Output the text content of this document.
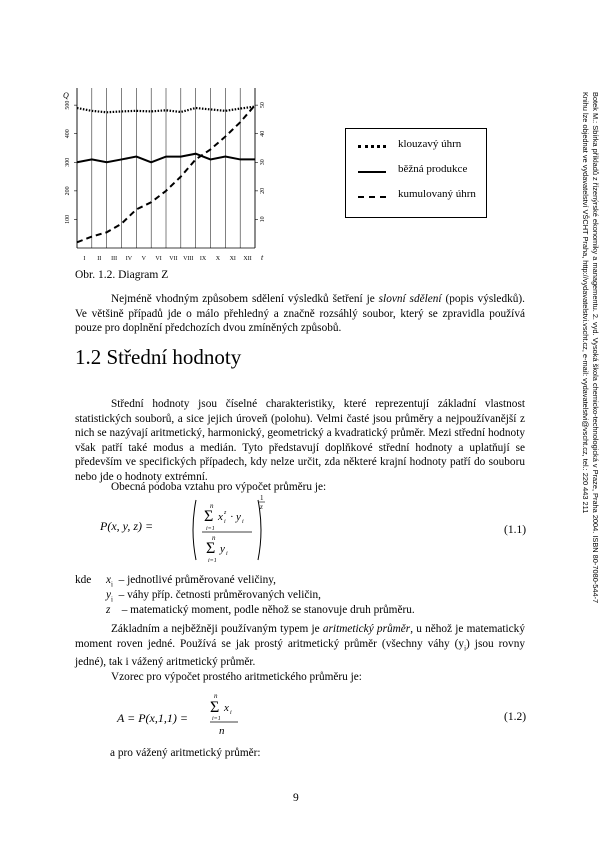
I II III IV V VI VII VIII IX X XI XII t
Q
100
200
300
400
500
10
20
30
40
50
klouzavý úhrn
běžná produkce
kumulovaný úhrn
Obr. 1.2. Diagram Z
Nejméně vhodným způsobem sdělení výsledků šetření je slovní sdělení (popis výsledků). Ve většině případů jde o málo přehledný a značně rozsáhlý soubor, který se zpravidla používá pouze pro doplnění předchozích dvou zmíněných způsobů.
1.2 Střední hodnoty
Střední hodnoty jsou číselné charakteristiky, které reprezentují základní vlastnost statistických souborů, a sice jejich úroveň (polohu). Velmi časté jsou průměry a nejpoužívanější z nich se nazývají aritmetický, harmonický, geometrický a kvadratický průměr. Mezi střední hodnoty však patří také modus a medián. Tyto představují doplňkové střední hodnoty a uplatňují se především ve specifických případech, kdy nelze určit, zda některé krajní hodnoty patří do souboru nebo jde o hodnoty extrémní.
Obecná podoba vztahu pro výpočet průměru je:
P(x, y, z) =
n
Σ x z
i · y i
i=1
n
Σ y i
i=1
1
z
(1.1)
kde $x_i$ – jednotlivé průměrované veličiny,
$y_i$ – váhy příp. četnosti průměrovaných veličin,
z – matematický moment, podle něhož se stanovuje druh průměru.
Základním a nejběžněji používaným typem je aritmetický průměr, u něhož je matematický moment roven jedné. Používá se jak prostý aritmetický průměr (všechny váhy $(y_i)$ jsou rovny jedné), tak i vážený aritmetický průměr.
Vzorec pro výpočet prostého aritmetického průměru je:
A = P(x,1,1) =
n
Σ x i
i=1
n
(1.2)
a pro vážený aritmetický průměr:
9
Botek M.: Sbírka příkladů z řízenýrské ekonomiky a managementu. 2. vyd. Vysoká škola chemicko-technologická v Praze, Praha 2004. ISBN 80-7080-544-7
Knihu lze objednat ve vydavatelství VŠCHT Praha, http://vydavatelstvi.vscht.cz, e-mail: vydavatelstvi@vscht.cz, tel.: 220 443 211
